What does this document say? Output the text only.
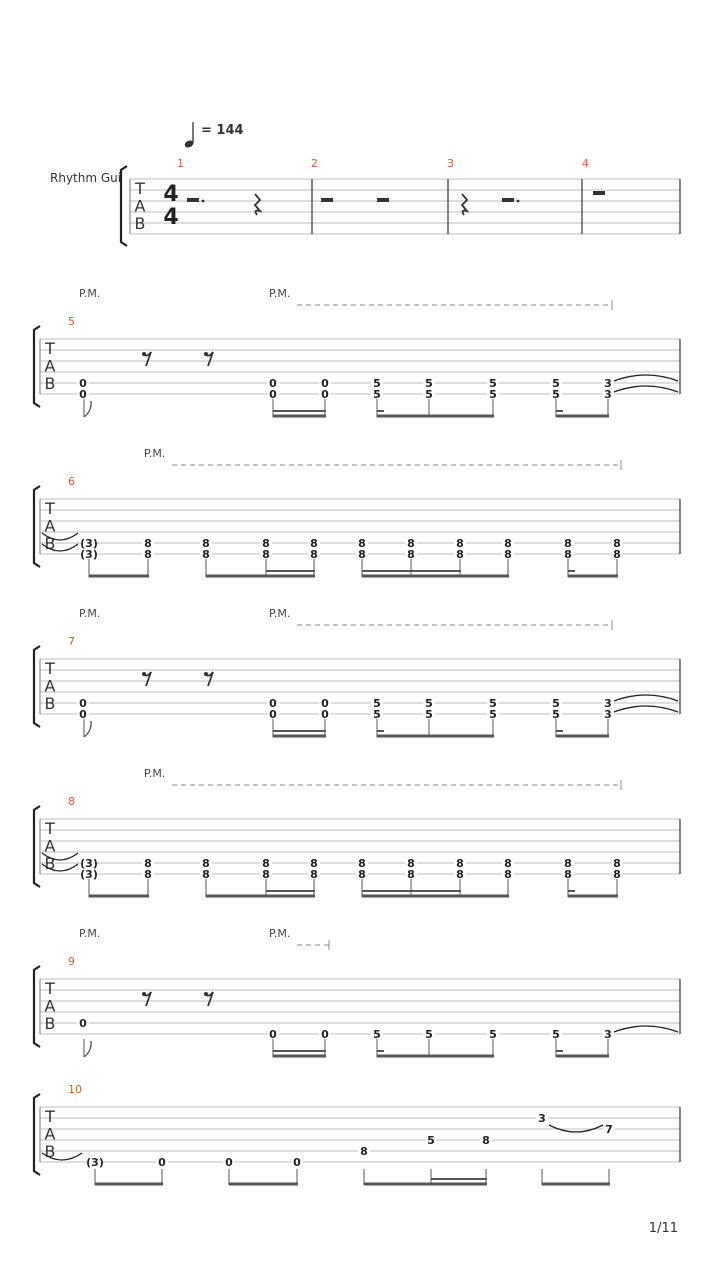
= 144
Rhythm Gui
T
A
B
4
4
1	2	3	4
T
A
B
5
P.M.	P.M.
0
0
0
0
0
0
5
5
5
5
5
5
5
5
3
3
T
A
B
6
P.M.
(3)
(3)
8
8
8
8
8
8
8
8
8
8
8
8
8
8
8
8
8
8
8
8
T
A
B
7
P.M.	P.M.
0
0
0
0
0
0
5
5
5
5
5
5
5
5
3
3
T
A
B
8
P.M.
(3)
(3)
8
8
8
8
8
8
8
8
8
8
8
8
8
8
8
8
8
8
8
8
T
A
B
9
P.M.	P.M.
0
0	0	5	5	5	5	3
T
A
B
10
(3)	0	0	0
8
5	8
3
7
1/11
